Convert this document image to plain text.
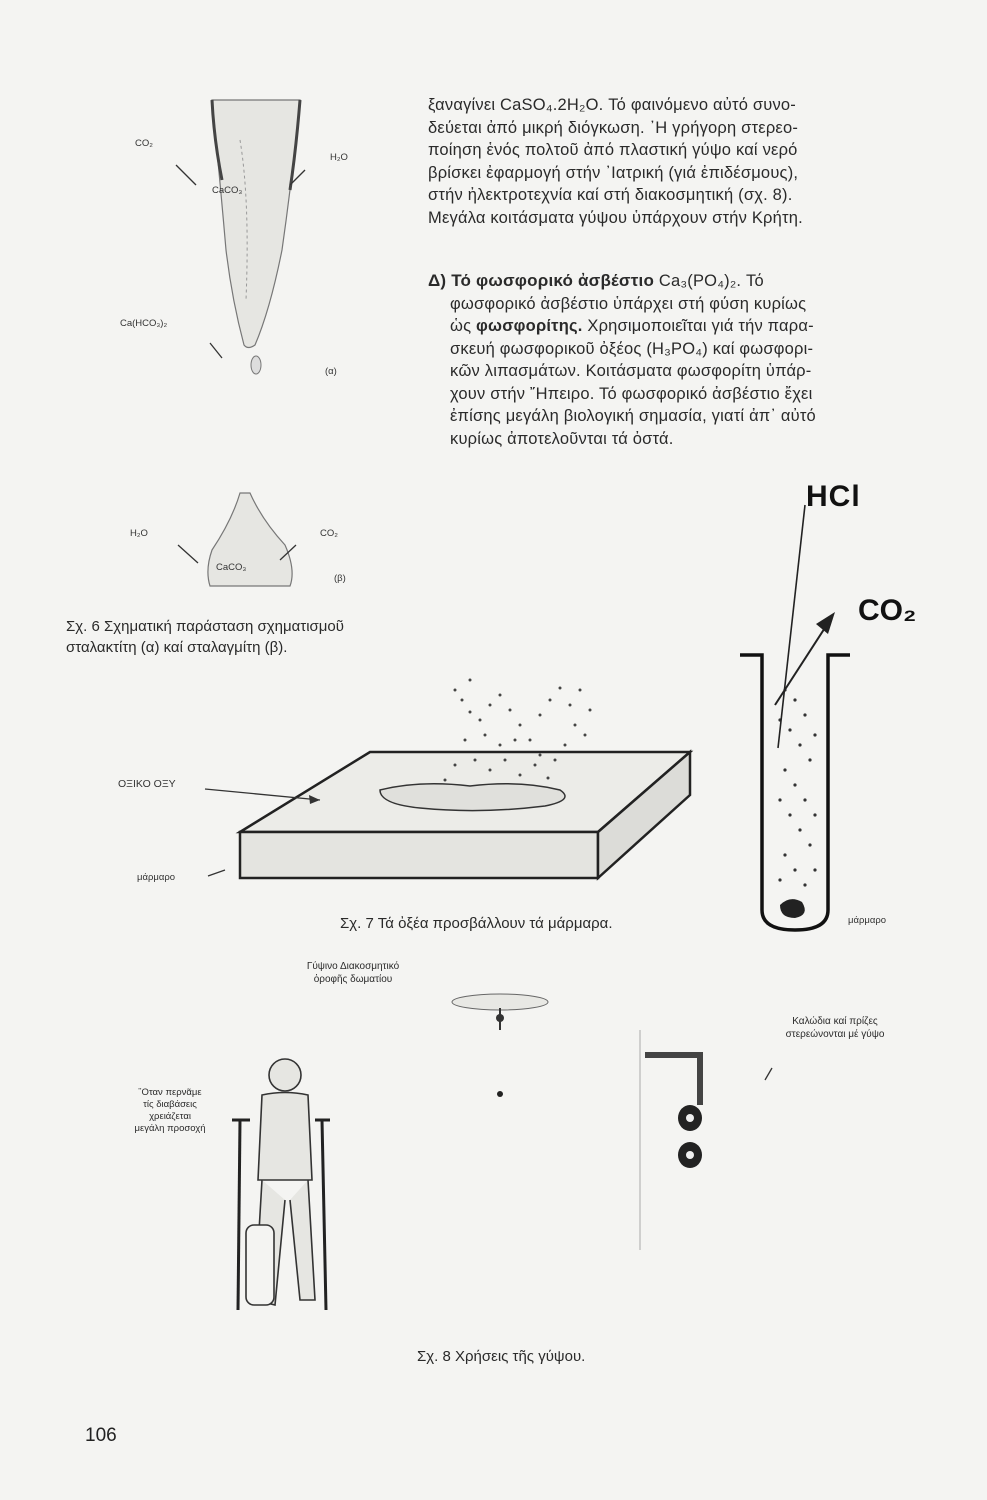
ξαναγίνει CaSO₄.2H₂O. Τό φαινόμενο αὐτό συνο-

δεύεται ἀπό μικρή διόγκωση. ᾿Η γρήγορη στερεο-

ποίηση ἑνός πολτοῦ ἀπό πλαστική γύψο καί νερό

βρίσκει ἐφαρμογή στήν ᾿Ιατρική (γιά ἐπιδέσμους),

στήν ἠλεκτροτεχνία καί στή διακοσμητική (σχ. 8).

Μεγάλα κοιτάσματα γύψου ὑπάρχουν στήν Κρήτη.

Δ) Τό φωσφορικό ἀσβέστιο Ca₃(PO₄)₂. Τό

φωσφορικό ἀσβέστιο ὑπάρχει στή φύση κυρίως

ὡς φωσφορίτης. Χρησιμοποιεῖται γιά τήν παρα-

σκευή φωσφορικοῦ ὀξέος (H₃PO₄) καί φωσφορι-

κῶν λιπασμάτων. Κοιτάσματα φωσφορίτη ὑπάρ-

χουν στήν ῎Ηπειρο. Τό φωσφορικό ἀσβέστιο ἔχει

ἐπίσης μεγάλη βιολογική σημασία, γιατί ἀπ᾿ αὐτό

κυρίως ἀποτελοῦνται τά ὀστά.

CO₂
H₂O
CaCO₃
Ca(HCO₃)₂
(α)
H₂O	CO₂
CaCO₃
(β)
Σχ. 6 Σχηματική παράσταση σχηματισμοῦ
σταλακτίτη (α) καί σταλαγμίτη (β).
ΟΞΙΚΟ ΟΞΥ
μάρμαρο
HCl
CO₂
μάρμαρο
Σχ. 7 Τά ὀξέα προσβάλλουν τά μάρμαρα.
Γύψινο Διακοσμητικό
ὀροφῆς δωματίου
Καλώδια καί πρίζες
στερεώνονται μέ γύψο
῞Οταν περνᾶμε
τίς διαβάσεις
χρειάζεται
μεγάλη προσοχή
Σχ. 8 Χρήσεις τῆς γύψου.
106
